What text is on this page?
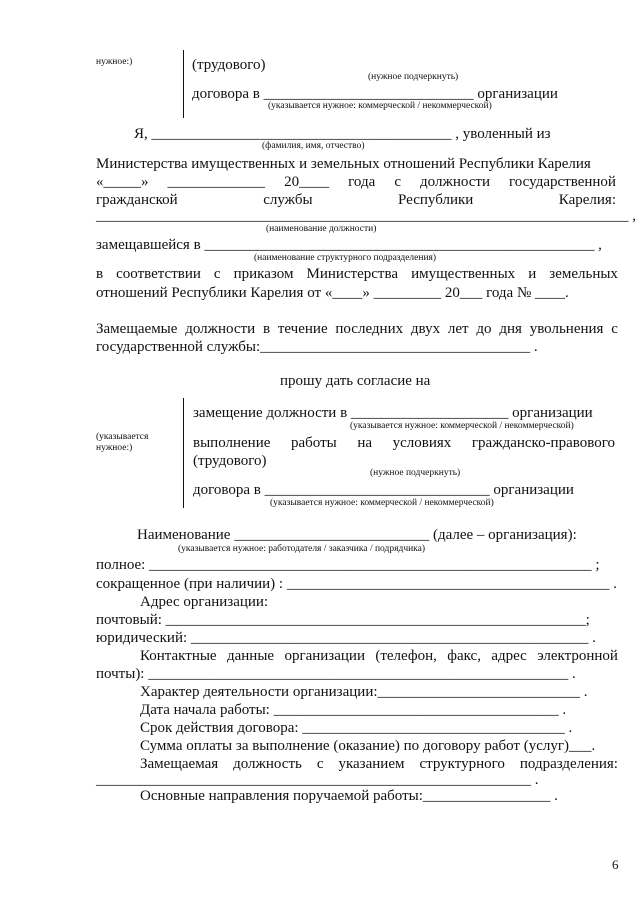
нужное:)	(трудового)
(нужное подчеркнуть)
договора в ____________________________ организации
(указывается нужное: коммерческой / некоммерческой)
Я, ________________________________________ , уволенный из
(фамилия, имя, отчество)
Министерства имущественных и земельных отношений Республики Карелия
«_____» _____________ 20____ года с должности государственной
гражданской	службы	Республики	Карелия:
_______________________________________________________________________ ,
(наименование должности)
замещавшейся в ____________________________________________________ ,
(наименование структурного подразделения)
в соответствии с приказом Министерства имущественных и земельных
отношений Республики Карелия от «____» _________ 20___ года № ____.
Замещаемые должности в течение последних двух лет до дня увольнения с
государственной службы:____________________________________ .
прошу дать согласие на
(указывается нужное:)
замещение должности в _____________________ организации
(указывается нужное: коммерческой / некоммерческой)
выполнение работы на условиях гражданско-правового
(трудового)
(нужное подчеркнуть)
договора в ______________________________ организации
(указывается нужное: коммерческой / некоммерческой)
Наименование __________________________ (далее – организация):
(указывается нужное: работодателя / заказчика / подрядчика)
полное: ___________________________________________________________ ;
сокращенное (при наличии) : ___________________________________________ .
Адрес организации:
почтовый: ________________________________________________________;
юридический: _____________________________________________________ .
Контактные данные организации (телефон, факс, адрес электронной
почты): ________________________________________________________ .
Характер деятельности организации:___________________________ .
Дата начала работы: ______________________________________ .
Срок действия договора: ___________________________________ .
Сумма оплаты за выполнение (оказание) по договору работ (услуг)___.
Замещаемая должность с указанием структурного подразделения:
__________________________________________________________ .
Основные направления поручаемой работы:_________________ .
6
